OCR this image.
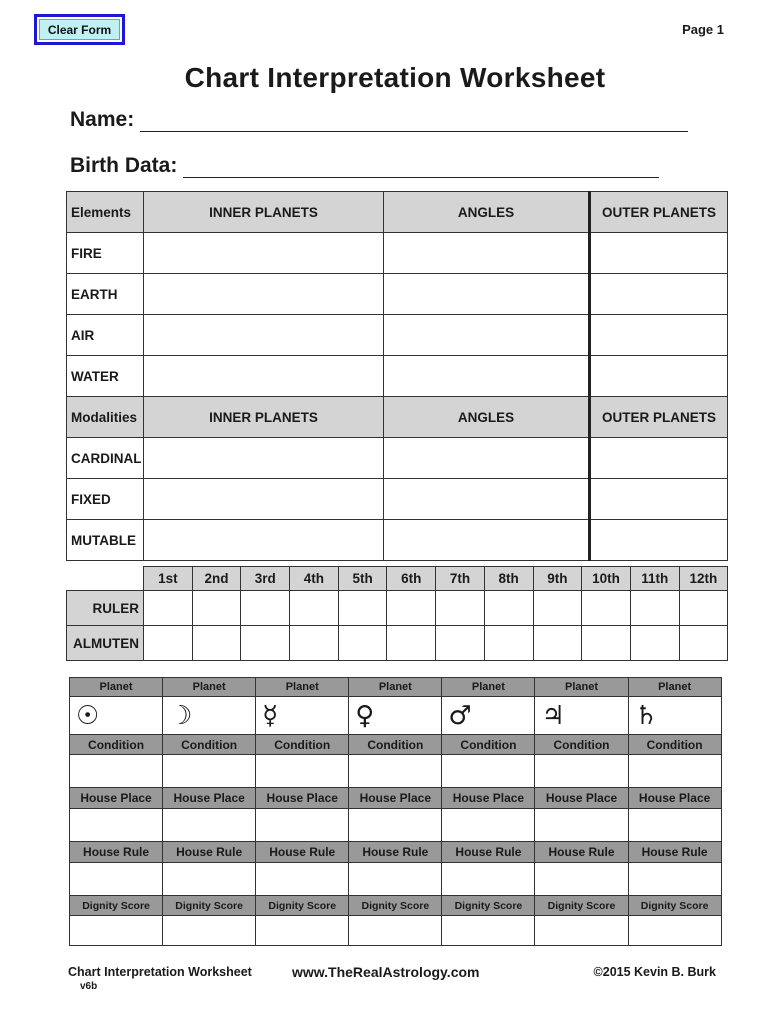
Clear Form	Page 1
Chart Interpretation Worksheet
Name:
Birth Data:
Elements	INNER PLANETS	ANGLES	OUTER PLANETS
FIRE			
EARTH			
AIR			
WATER			
Modalities	INNER PLANETS	ANGLES	OUTER PLANETS
CARDINAL			
FIXED			
MUTABLE			
	1st	2nd	3rd	4th	5th	6th	7th	8th	9th	10th	11th	12th
RULER												
ALMUTEN												
Planet	Planet	Planet	Planet	Planet	Planet	Planet
☉	☽	☿	♀	♂	♃	♄
Condition	Condition	Condition	Condition	Condition	Condition	Condition

House Place	House Place	House Place	House Place	House Place	House Place	House Place

House Rule	House Rule	House Rule	House Rule	House Rule	House Rule	House Rule

Dignity Score	Dignity Score	Dignity Score	Dignity Score	Dignity Score	Dignity Score	Dignity Score

Chart Interpretation Worksheet
v6b
www.TheRealAstrology.com	©2015 Kevin B. Burk
